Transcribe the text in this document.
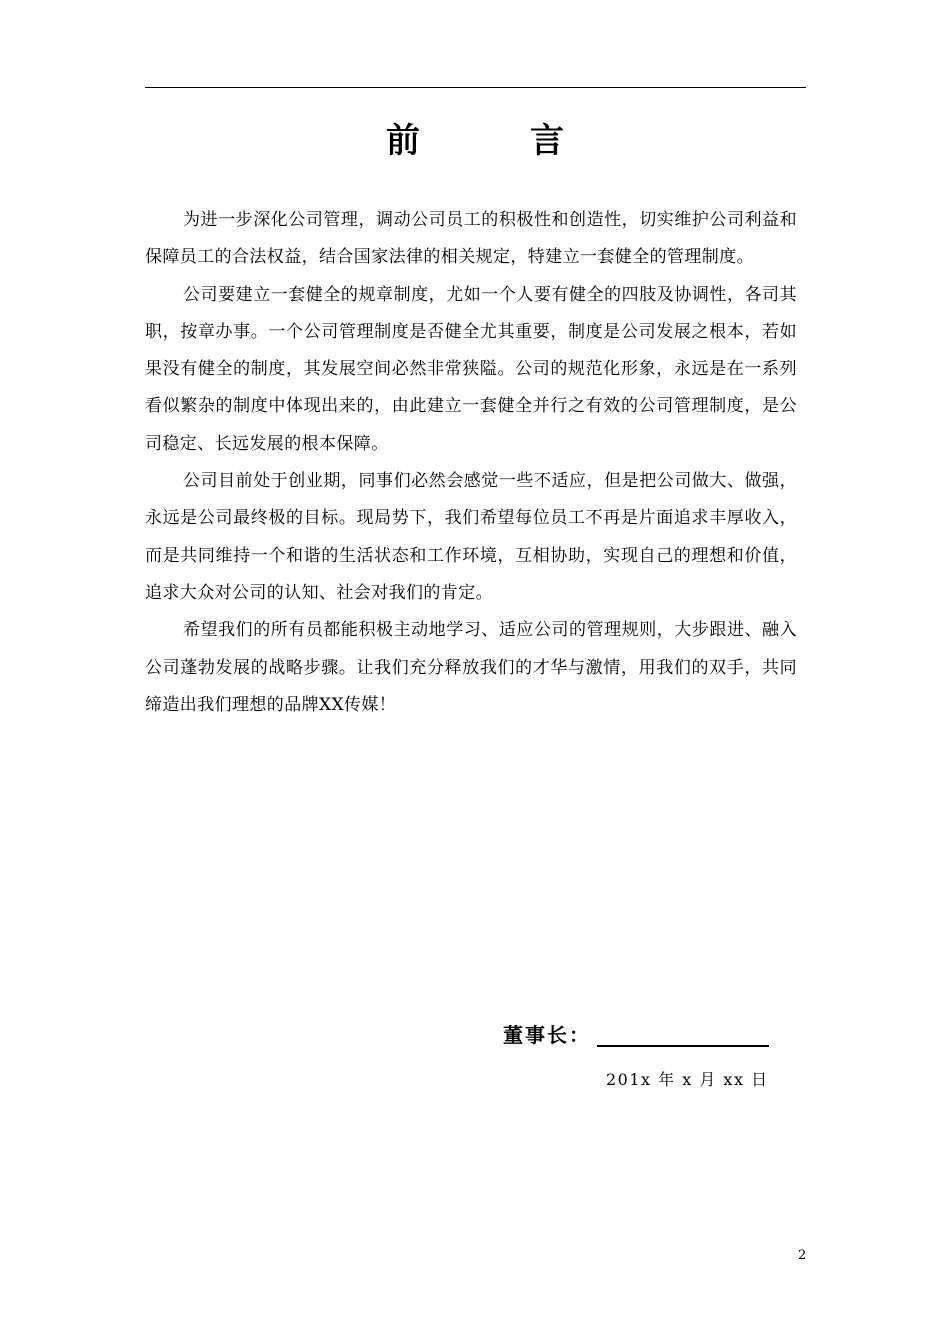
前　言

为进一步深化公司管理，调动公司员工的积极性和创造性，切实维护公司利益和保障员工的合法权益，结合国家法律的相关规定，特建立一套健全的管理制度。

公司要建立一套健全的规章制度，尤如一个人要有健全的四肢及协调性，各司其职，按章办事。一个公司管理制度是否健全尤其重要，制度是公司发展之根本，若如果没有健全的制度，其发展空间必然非常狭隘。公司的规范化形象，永远是在一系列看似繁杂的制度中体现出来的，由此建立一套健全并行之有效的公司管理制度，是公司稳定、长远发展的根本保障。

公司目前处于创业期，同事们必然会感觉一些不适应，但是把公司做大、做强，永远是公司最终极的目标。现局势下，我们希望每位员工不再是片面追求丰厚收入，而是共同维持一个和谐的生活状态和工作环境，互相协助，实现自己的理想和价值，追求大众对公司的认知、社会对我们的肯定。

希望我们的所有员都能积极主动地学习、适应公司的管理规则，大步跟进、融入公司蓬勃发展的战略步骤。让我们充分释放我们的才华与激情，用我们的双手，共同缔造出我们理想的品牌XX传媒！

董事长：
201x 年 x 月 xx 日
2
